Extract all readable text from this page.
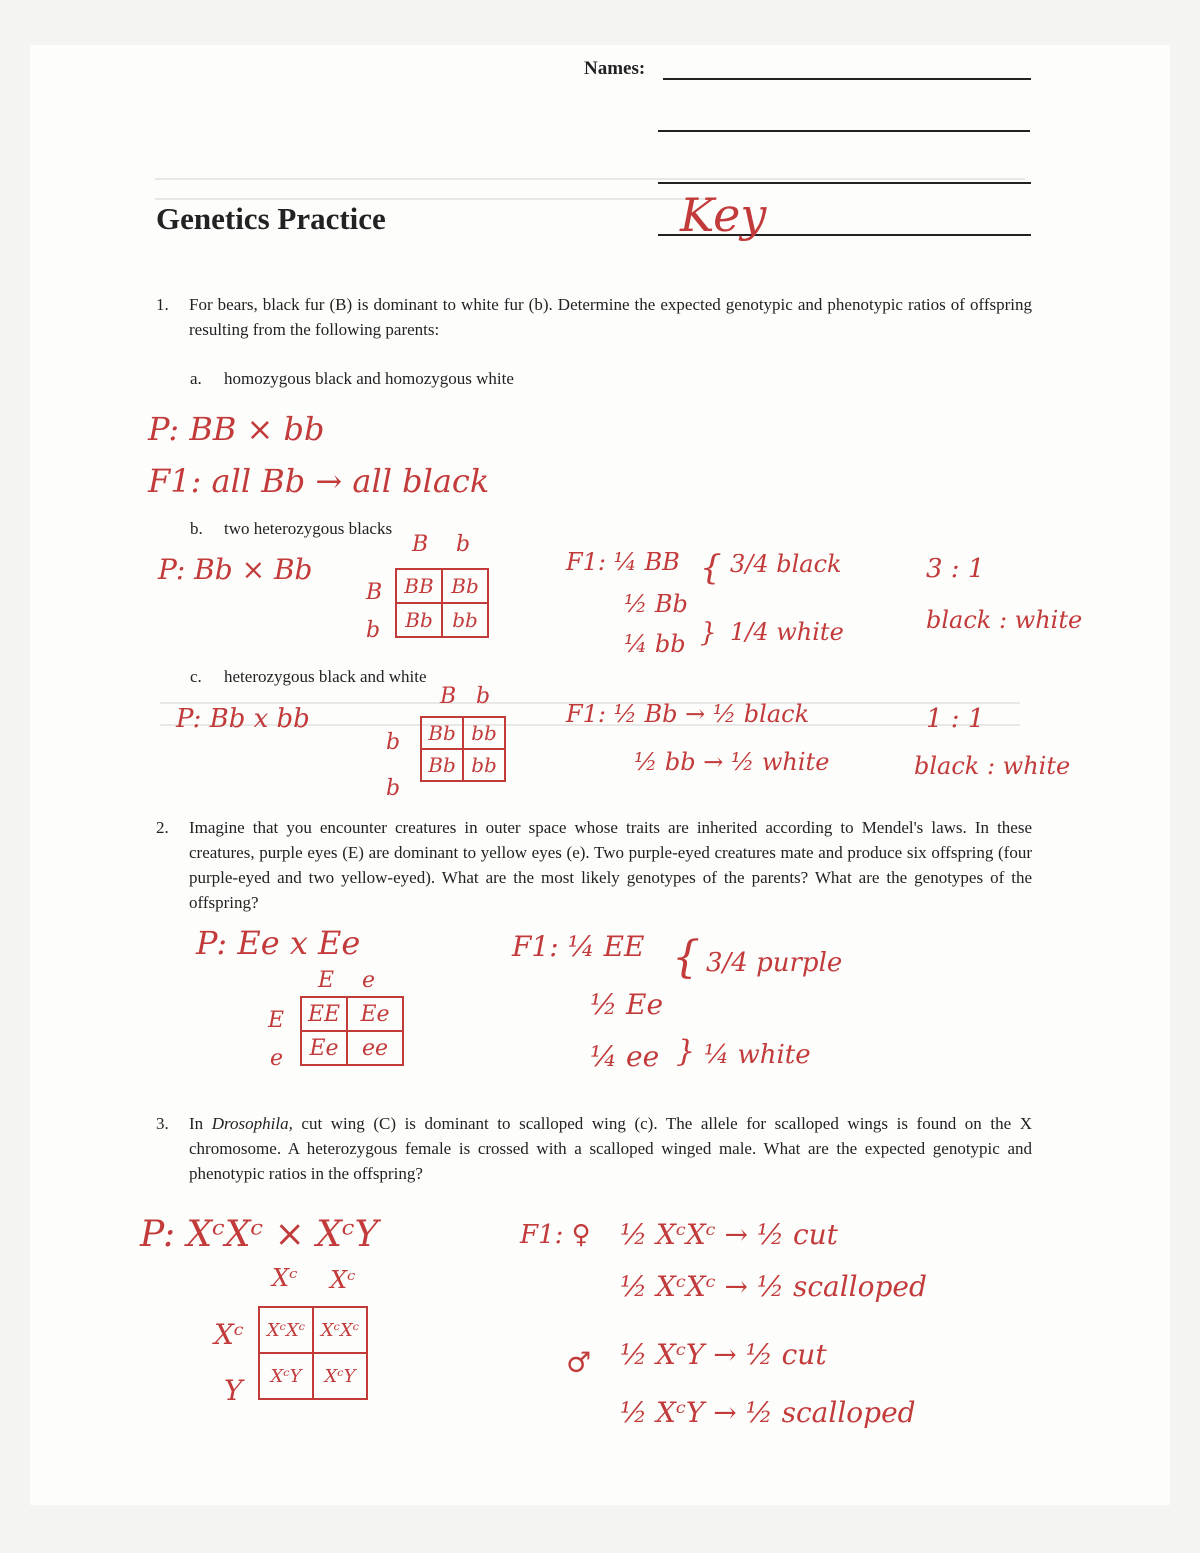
Names:
Genetics Practice	Key
1. For bears, black fur (B) is dominant to white fur (b). Determine the expected genotypic and phenotypic ratios of offspring resulting from the following parents:
a. homozygous black and homozygous white
P: BB × bb
F1: all Bb → all black
b. two heterozygous blacks
P: Bb × Bb
B b
B
b
BB	Bb
Bb	bb
F1: ¼ BB
½ Bb
¼ bb
{
}
3/4 black
1/4 white
3 : 1
black : white
c. heterozygous black and white
P: Bb x bb
B b
b
b
Bb	bb
Bb	bb
F1: ½ Bb → ½ black
½ bb → ½ white
1 : 1
black : white
2. Imagine that you encounter creatures in outer space whose traits are inherited according to Mendel's laws. In these creatures, purple eyes (E) are dominant to yellow eyes (e). Two purple-eyed creatures mate and produce six offspring (four purple-eyed and two yellow-eyed). What are the most likely genotypes of the parents? What are the genotypes of the offspring?
P: Ee x Ee
E e
E
e
EE	Ee
Ee	ee
F1: ¼ EE
½ Ee
¼ ee
{
}
3/4 purple
¼ white
3. In Drosophila, cut wing (C) is dominant to scalloped wing (c). The allele for scalloped wings is found on the X chromosome. A heterozygous female is crossed with a scalloped winged male. What are the expected genotypic and phenotypic ratios in the offspring?
P: XᶜXᶜ × XᶜY
Xᶜ Xᶜ
Xᶜ
Y
XᶜXᶜ	XᶜXᶜ
XᶜY	XᶜY
F1: ♀ ½ XᶜXᶜ → ½ cut
½ XᶜXᶜ → ½ scalloped
♂ ½ XᶜY → ½ cut
½ XᶜY → ½ scalloped
